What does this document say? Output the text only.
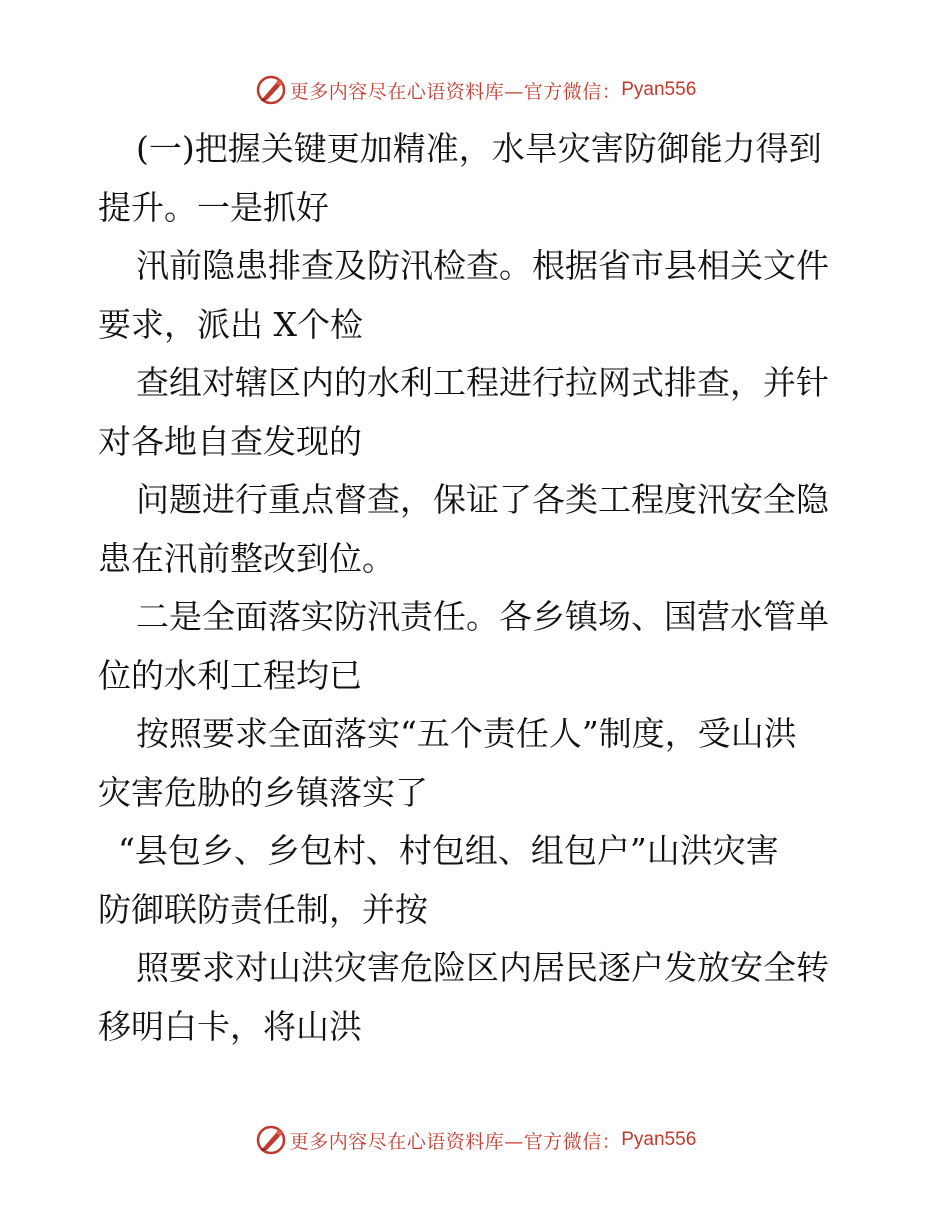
更多内容尽在心语资料库—官方微信： Pyan556
(一)把握关键更加精准，水旱灾害防御能力得到
提升。一是抓好
汛前隐患排查及防汛检查。根据省市县相关文件
要求，派出 X个检
查组对辖区内的水利工程进行拉网式排查，并针
对各地自查发现的
问题进行重点督查，保证了各类工程度汛安全隐
患在汛前整改到位。
二是全面落实防汛责任。各乡镇场、国营水管单
位的水利工程均已
按照要求全面落实“五个责任人”制度，受山洪
灾害危胁的乡镇落实了
“县包乡、乡包村、村包组、组包户”山洪灾害
防御联防责任制，并按
照要求对山洪灾害危险区内居民逐户发放安全转
移明白卡，将山洪
更多内容尽在心语资料库—官方微信： Pyan556
